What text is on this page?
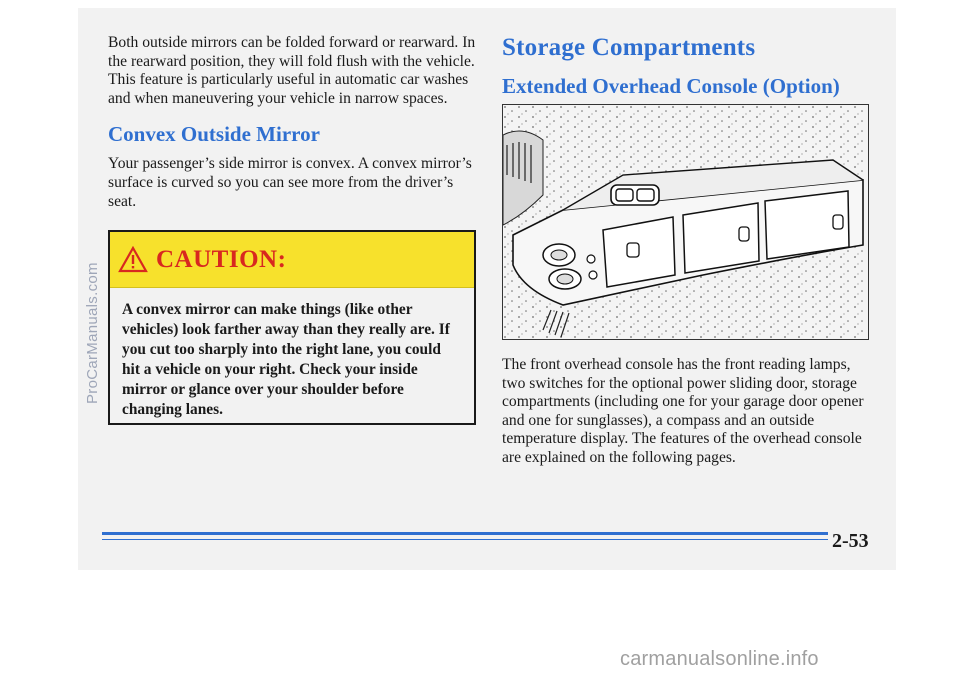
Both outside mirrors can be folded forward or rearward. In the rearward position, they will fold flush with the vehicle. This feature is particularly useful in automatic car washes and when maneuvering your vehicle in narrow spaces.

Convex Outside Mirror

Your passenger’s side mirror is convex. A convex mirror’s surface is curved so you can see more from the driver’s seat.

CAUTION:
A convex mirror can make things (like other vehicles) look farther away than they really are. If you cut too sharply into the right lane, you could hit a vehicle on your right. Check your inside mirror or glance over your shoulder before changing lanes.
Storage Compartments
Extended Overhead Console (Option)

The front overhead console has the front reading lamps, two switches for the optional power sliding door, storage compartments (including one for your garage door opener and one for sunglasses), a compass and an outside temperature display. The features of the overhead console are explained on the following pages.

2-53
ProCarManuals.com
carmanualsonline.info
